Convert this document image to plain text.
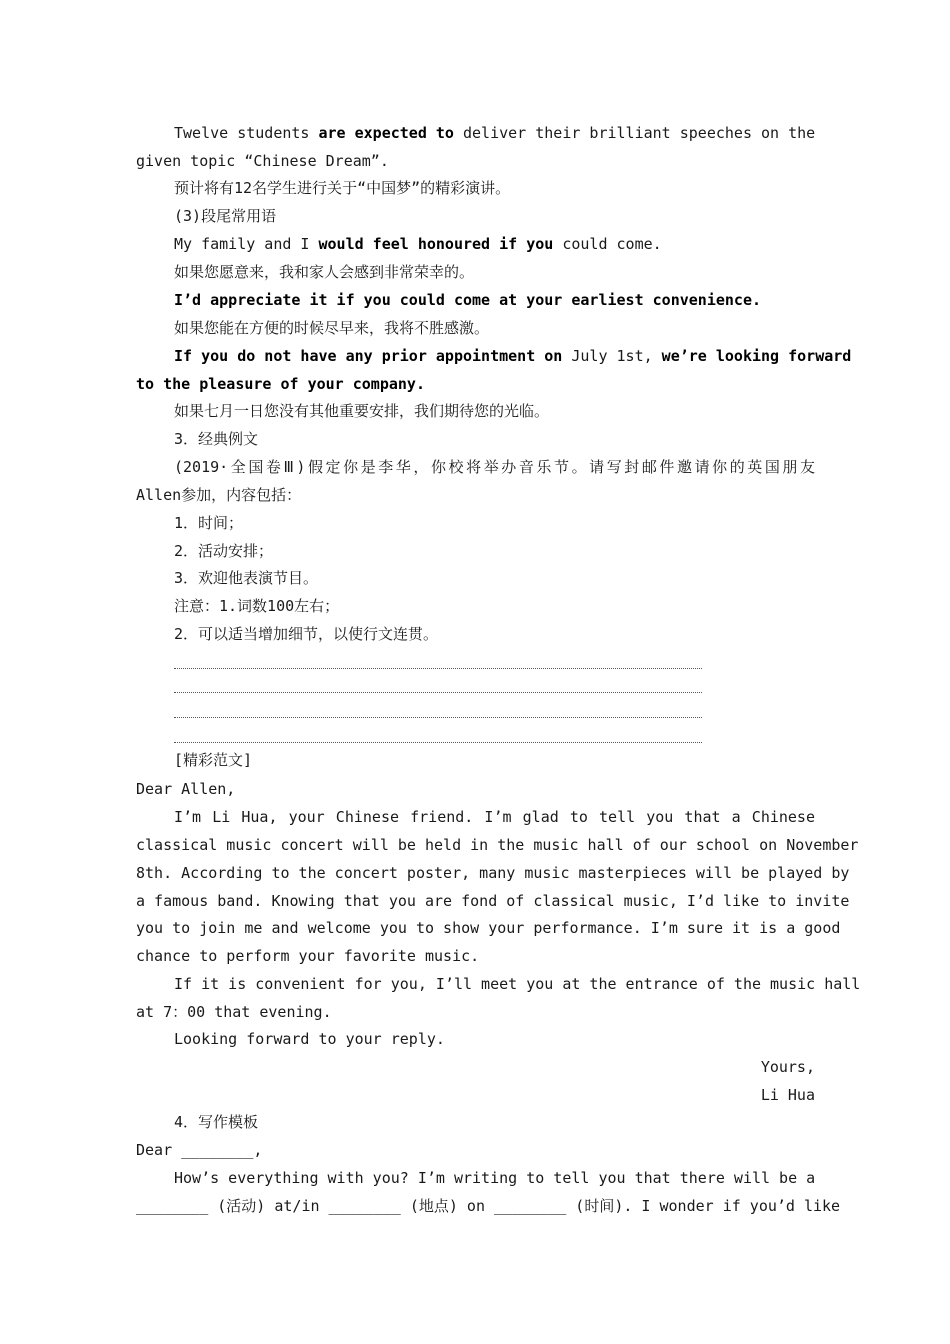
Twelve students are expected to deliver their brilliant speeches on the
given topic “Chinese Dream”.
预计将有12名学生进行关于“中国梦”的精彩演讲。
(3)段尾常用语
My family and I would feel honoured if you could come.
如果您愿意来，我和家人会感到非常荣幸的。
I’d appreciate it if you could come at your earliest convenience.
如果您能在方便的时候尽早来，我将不胜感激。
If you do not have any prior appointment on July 1st, we’re looking forward
to the pleasure of your company.
如果七月一日您没有其他重要安排，我们期待您的光临。
3．经典例文
(2019·全国卷Ⅲ)假定你是李华，你校将举办音乐节。请写封邮件邀请你的英国朋友
Allen参加，内容包括：
1．时间；
2．活动安排；
3．欢迎他表演节目。
注意：1.词数100左右；
2．可以适当增加细节，以使行文连贯。
[精彩范文]
Dear Allen,
I’m Li Hua, your Chinese friend. I’m glad to tell you that a Chinese
classical music concert will be held in the music hall of our school on November
8th. According to the concert poster, many music masterpieces will be played by
a famous band. Knowing that you are fond of classical music, I’d like to invite
you to join me and welcome you to show your performance. I’m sure it is a good
chance to perform your favorite music.
If it is convenient for you, I’ll meet you at the entrance of the music hall
at 7：00 that evening.
Looking forward to your reply.
Yours,
Li Hua
4．写作模板
Dear ________,
How’s everything with you? I’m writing to tell you that there will be a
________ (活动) at/in ________ (地点) on ________ (时间). I wonder if you’d like
